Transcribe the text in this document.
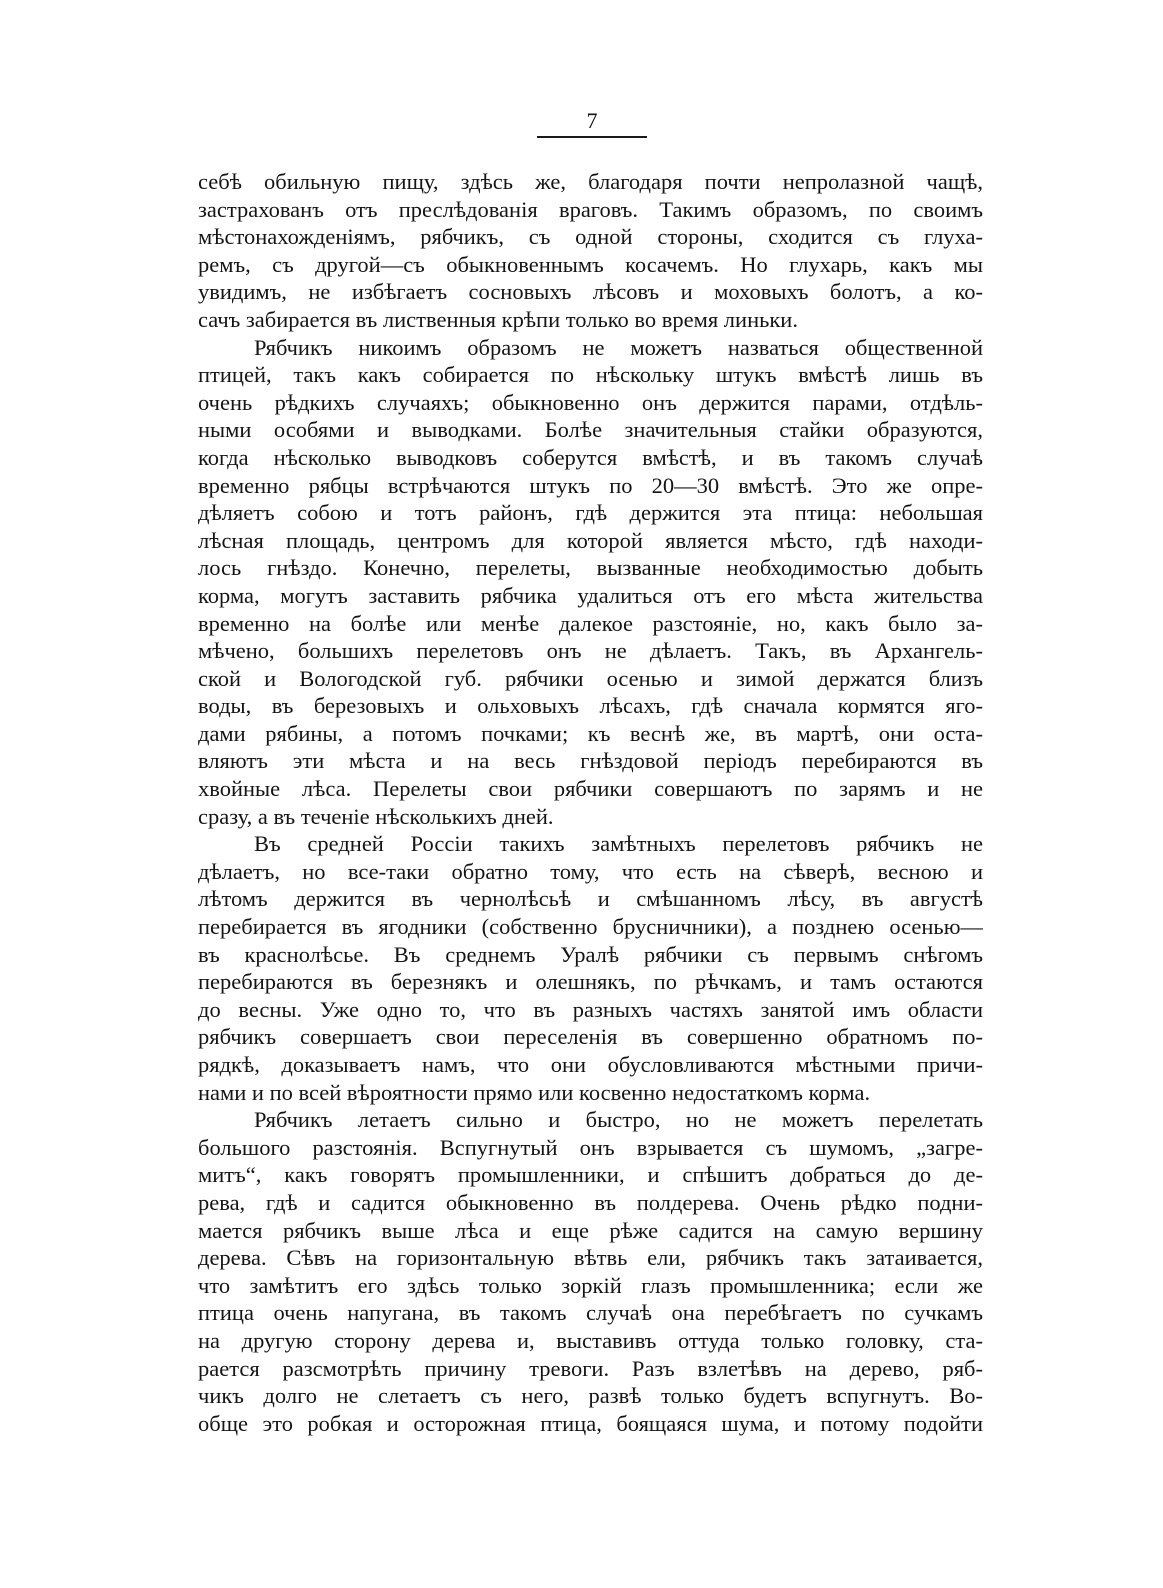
7
себѣ обильную пищу, здѣсь же, благодаря почти непролазной чащѣ,
застрахованъ отъ преслѣдованія враговъ. Такимъ образомъ, по своимъ
мѣстонахожденіямъ, рябчикъ, съ одной стороны, сходится съ глуха-
ремъ, съ другой—съ обыкновеннымъ косачемъ. Но глухарь, какъ мы
увидимъ, не избѣгаетъ сосновыхъ лѣсовъ и моховыхъ болотъ, а ко-
сачъ забирается въ лиственныя крѣпи только во время линьки.
Рябчикъ никоимъ образомъ не можетъ назваться общественной
птицей, такъ какъ собирается по нѣскольку штукъ вмѣстѣ лишь въ
очень рѣдкихъ случаяхъ; обыкновенно онъ держится парами, отдѣль-
ными особями и выводками. Болѣе значительныя стайки образуются,
когда нѣсколько выводковъ соберутся вмѣстѣ, и въ такомъ случаѣ
временно рябцы встрѣчаются штукъ по 20—30 вмѣстѣ. Это же опре-
дѣляетъ собою и тотъ районъ, гдѣ держится эта птица: небольшая
лѣсная площадь, центромъ для которой является мѣсто, гдѣ находи-
лось гнѣздо. Конечно, перелеты, вызванные необходимостью добыть
корма, могутъ заставить рябчика удалиться отъ его мѣста жительства
временно на болѣе или менѣе далекое разстояніе, но, какъ было за-
мѣчено, большихъ перелетовъ онъ не дѣлаетъ. Такъ, въ Архангель-
ской и Вологодской губ. рябчики осенью и зимой держатся близъ
воды, въ березовыхъ и ольховыхъ лѣсахъ, гдѣ сначала кормятся яго-
дами рябины, а потомъ почками; къ веснѣ же, въ мартѣ, они оста-
вляютъ эти мѣста и на весь гнѣздовой періодъ перебираются въ
хвойные лѣса. Перелеты свои рябчики совершаютъ по зарямъ и не
сразу, а въ теченіе нѣсколькихъ дней.
Въ средней Россіи такихъ замѣтныхъ перелетовъ рябчикъ не
дѣлаетъ, но все-таки обратно тому, что есть на сѣверѣ, весною и
лѣтомъ держится въ чернолѣсьѣ и смѣшанномъ лѣсу, въ августѣ
перебирается въ ягодники (собственно брусничники), а позднею осенью—
въ краснолѣсье. Въ среднемъ Уралѣ рябчики съ первымъ снѣгомъ
перебираются въ березнякъ и олешнякъ, по рѣчкамъ, и тамъ остаются
до весны. Уже одно то, что въ разныхъ частяхъ занятой имъ области
рябчикъ совершаетъ свои переселенія въ совершенно обратномъ по-
рядкѣ, доказываетъ намъ, что они обусловливаются мѣстными причи-
нами и по всей вѣроятности прямо или косвенно недостаткомъ корма.
Рябчикъ летаетъ сильно и быстро, но не можетъ перелетать
большого разстоянія. Вспугнутый онъ взрывается съ шумомъ, „загре-
митъ“, какъ говорятъ промышленники, и спѣшитъ добраться до де-
рева, гдѣ и садится обыкновенно въ полдерева. Очень рѣдко подни-
мается рябчикъ выше лѣса и еще рѣже садится на самую вершину
дерева. Сѣвъ на горизонтальную вѣтвь ели, рябчикъ такъ затаивается,
что замѣтитъ его здѣсь только зоркій глазъ промышленника; если же
птица очень напугана, въ такомъ случаѣ она перебѣгаетъ по сучкамъ
на другую сторону дерева и, выставивъ оттуда только головку, ста-
рается разсмотрѣть причину тревоги. Разъ взлетѣвъ на дерево, ряб-
чикъ долго не слетаетъ съ него, развѣ только будетъ вспугнутъ. Во-
обще это робкая и осторожная птица, боящаяся шума, и потому подойти
